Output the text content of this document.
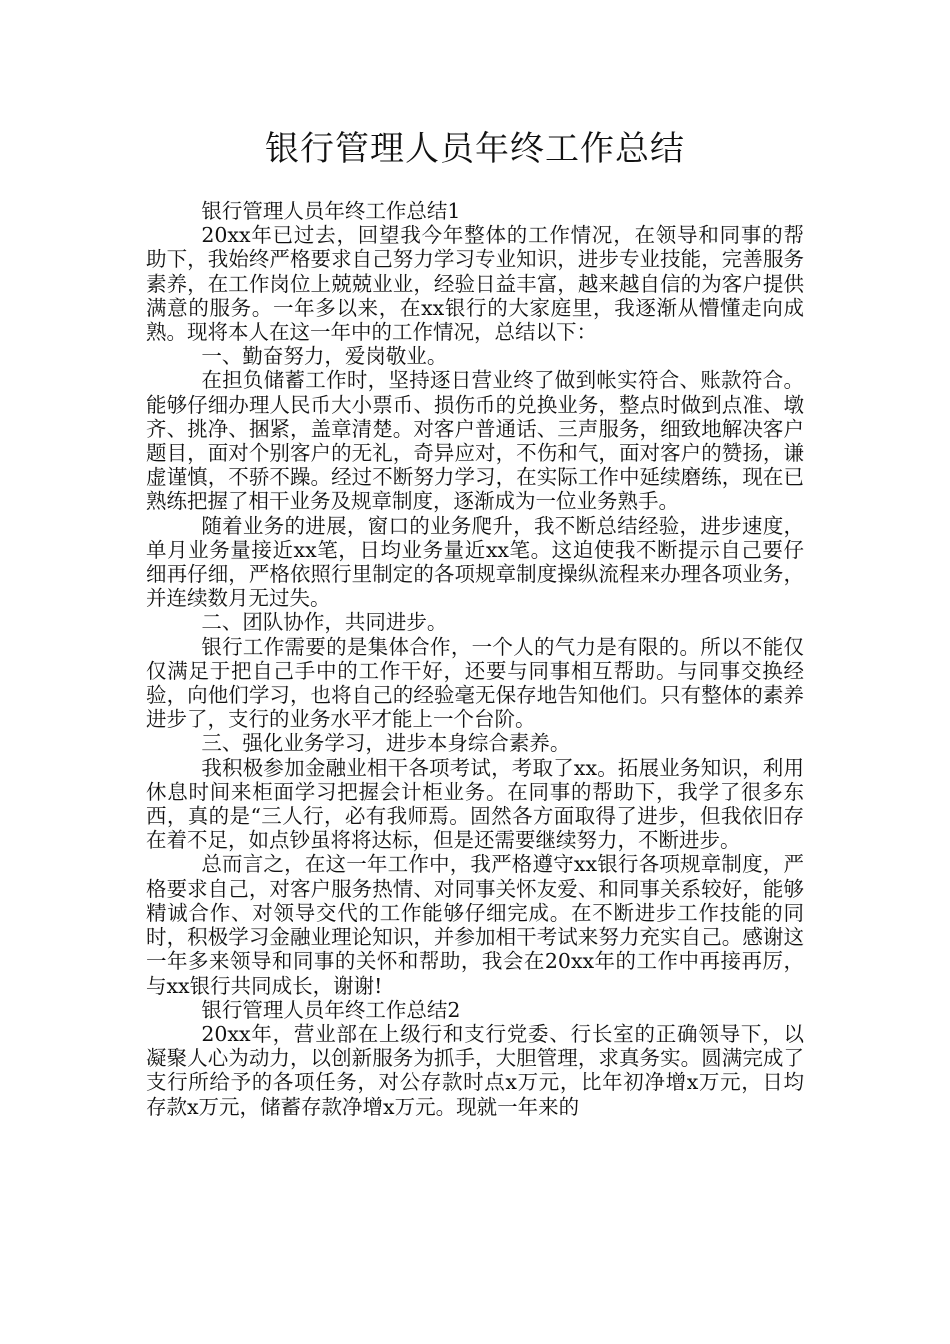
银行管理人员年终工作总结

银行管理人员年终工作总结1

20xx年已过去，回望我今年整体的工作情况，在领导和同事的帮助下，我始终严格要求自己努力学习专业知识，进步专业技能，完善服务素养，在工作岗位上兢兢业业，经验日益丰富，越来越自信的为客户提供满意的服务。一年多以来，在xx银行的大家庭里，我逐渐从懵懂走向成熟。现将本人在这一年中的工作情况，总结以下：

一、勤奋努力，爱岗敬业。

在担负储蓄工作时，坚持逐日营业终了做到帐实符合、账款符合。能够仔细办理人民币大小票币、损伤币的兑换业务，整点时做到点准、墩齐、挑净、捆紧，盖章清楚。对客户普通话、三声服务，细致地解决客户题目，面对个别客户的无礼，奇异应对，不伤和气，面对客户的赞扬，谦虚谨慎，不骄不躁。经过不断努力学习，在实际工作中延续磨练，现在已熟练把握了相干业务及规章制度，逐渐成为一位业务熟手。

随着业务的进展，窗口的业务爬升，我不断总结经验，进步速度，单月业务量接近xx笔，日均业务量近xx笔。这迫使我不断提示自己要仔细再仔细，严格依照行里制定的各项规章制度操纵流程来办理各项业务，并连续数月无过失。

二、团队协作，共同进步。

银行工作需要的是集体合作，一个人的气力是有限的。所以不能仅仅满足于把自己手中的工作干好，还要与同事相互帮助。与同事交换经验，向他们学习，也将自己的经验毫无保存地告知他们。只有整体的素养进步了，支行的业务水平才能上一个台阶。

三、强化业务学习，进步本身综合素养。

我积极参加金融业相干各项考试，考取了xx。拓展业务知识，利用休息时间来柜面学习把握会计柜业务。在同事的帮助下，我学了很多东西，真的是“三人行，必有我师焉。固然各方面取得了进步，但我依旧存在着不足，如点钞虽将将达标，但是还需要继续努力，不断进步。

总而言之，在这一年工作中，我严格遵守xx银行各项规章制度，严格要求自己，对客户服务热情、对同事关怀友爱、和同事关系较好，能够精诚合作、对领导交代的工作能够仔细完成。在不断进步工作技能的同时，积极学习金融业理论知识，并参加相干考试来努力充实自己。感谢这一年多来领导和同事的关怀和帮助，我会在20xx年的工作中再接再厉，与xx银行共同成长，谢谢!

银行管理人员年终工作总结2

20xx年，营业部在上级行和支行党委、行长室的正确领导下，以凝聚人心为动力，以创新服务为抓手，大胆管理，求真务实。圆满完成了支行所给予的各项任务，对公存款时点x万元，比年初净增x万元，日均存款x万元，储蓄存款净增x万元。现就一年来的
